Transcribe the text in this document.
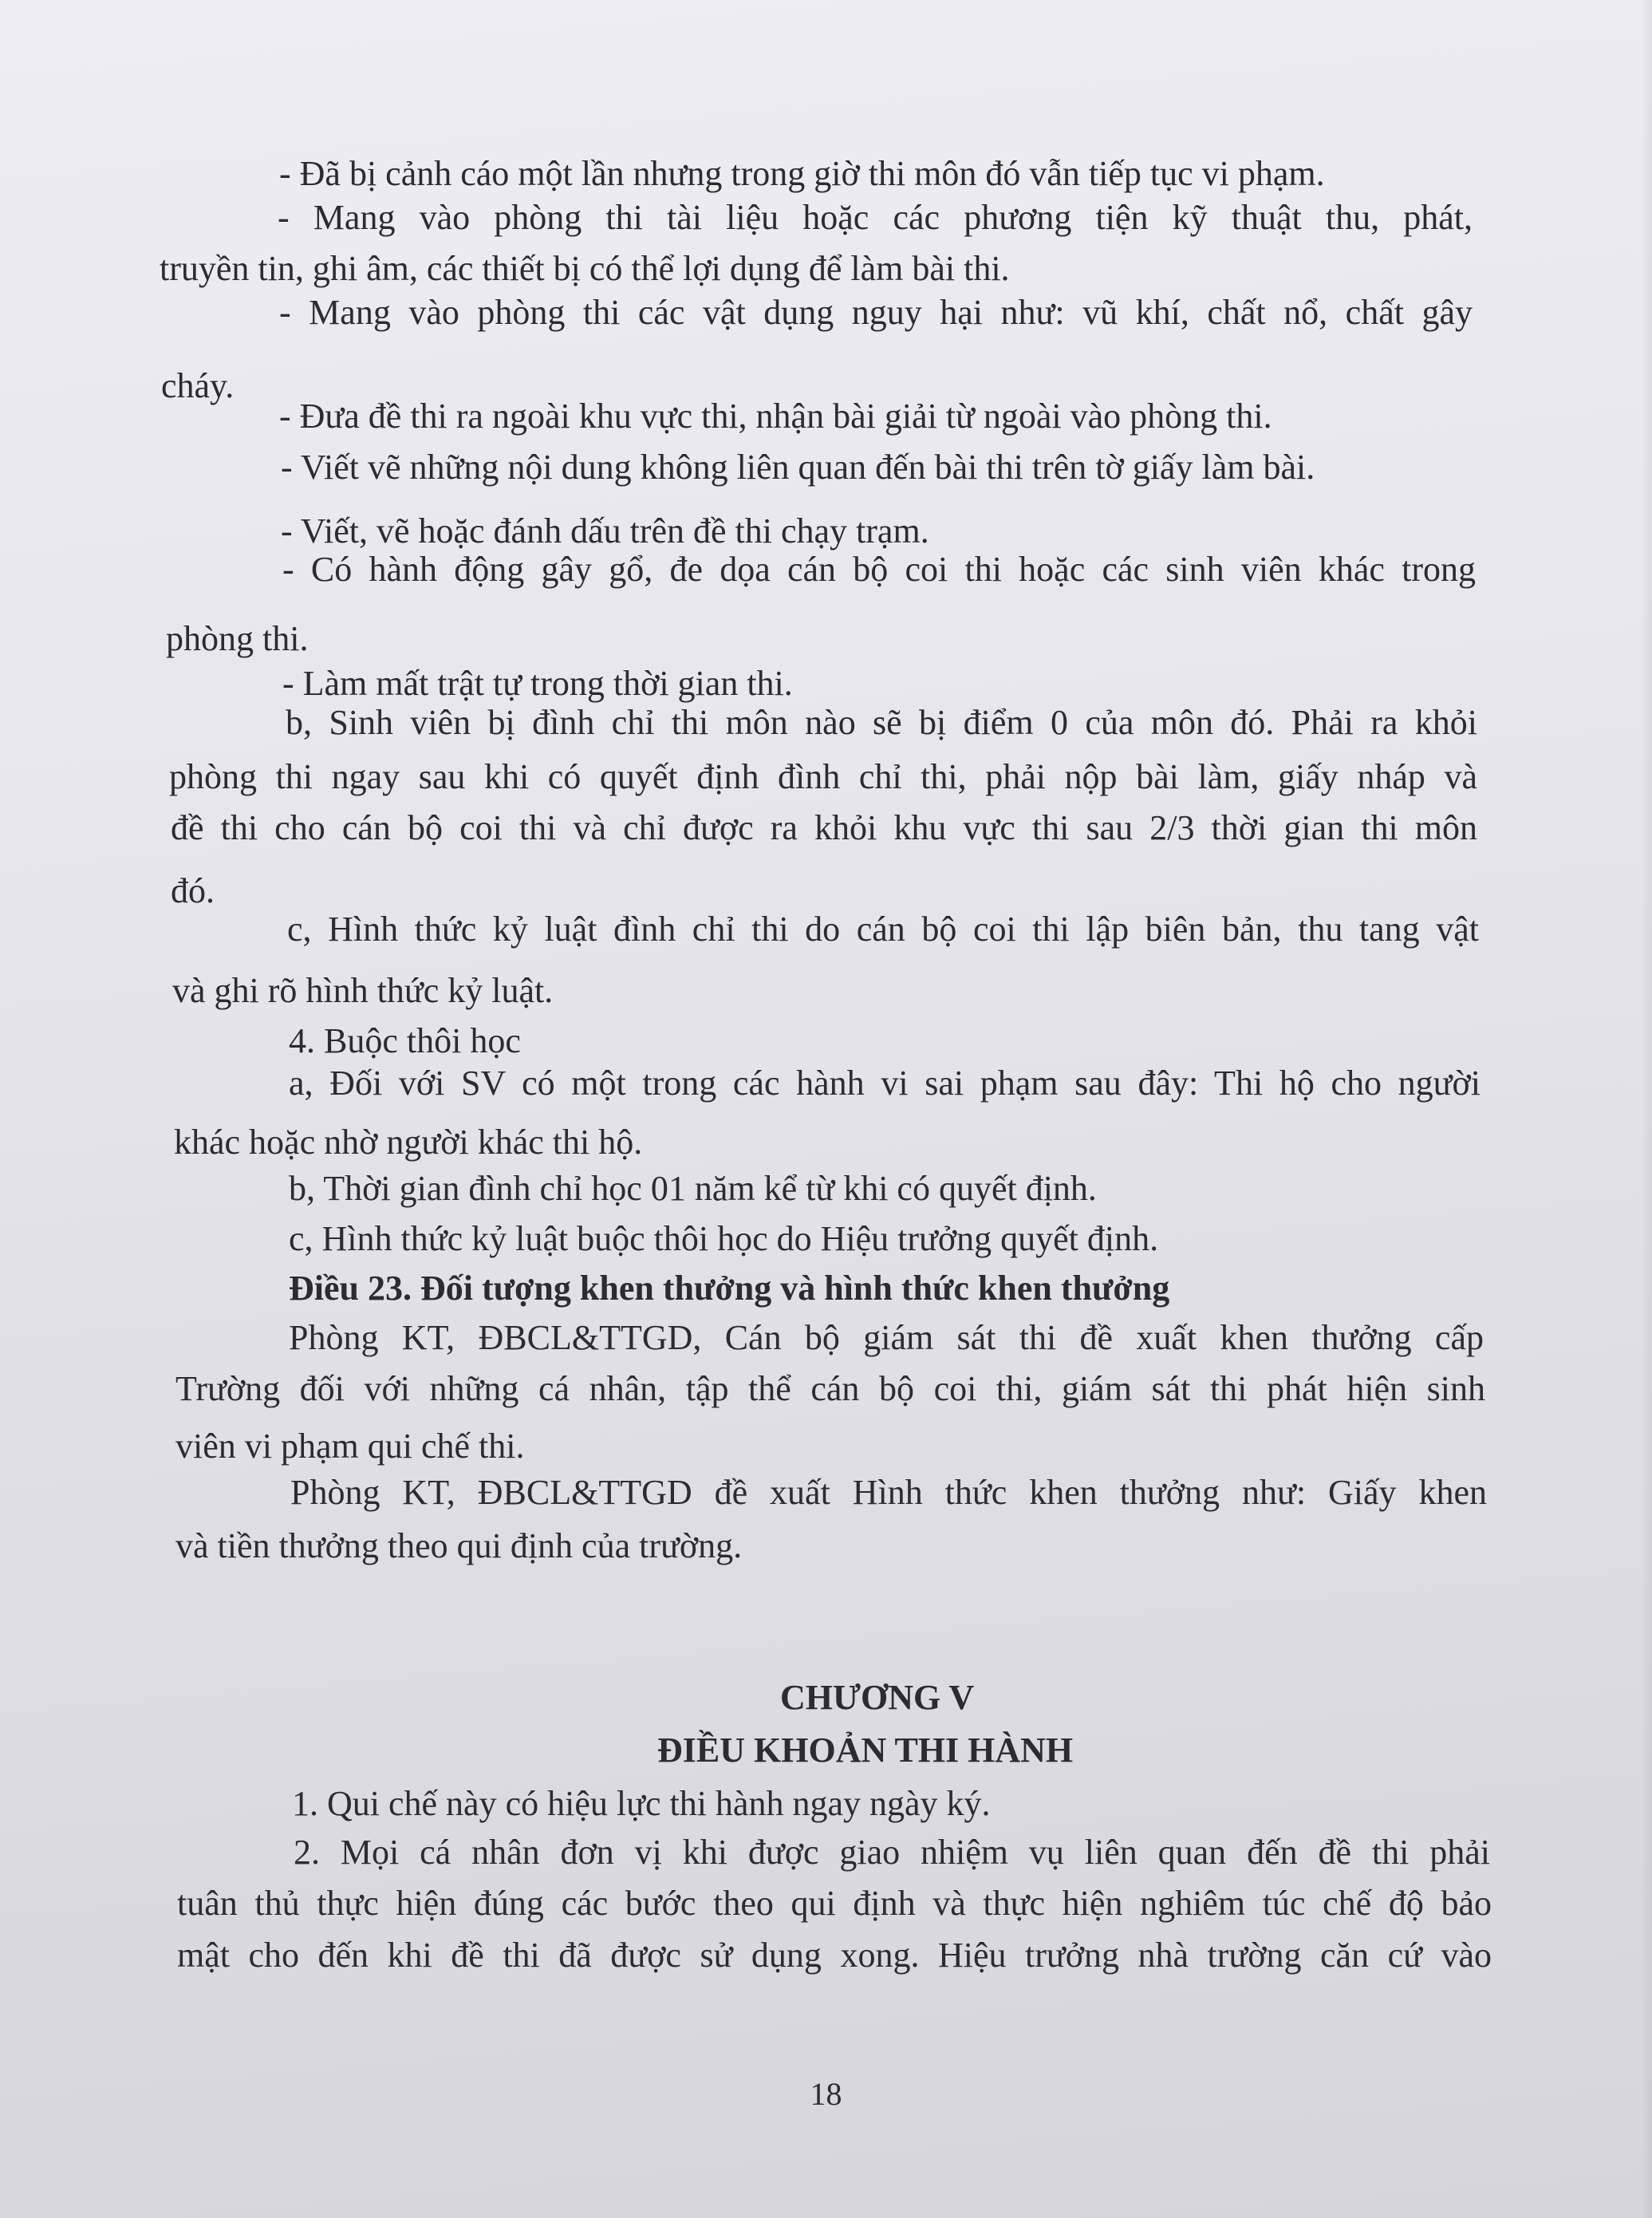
- Đã bị cảnh cáo một lần nhưng trong giờ thi môn đó vẫn tiếp tục vi phạm.
- Mang vào phòng thi tài liệu hoặc các phương tiện kỹ thuật thu, phát,
truyền tin, ghi âm, các thiết bị có thể lợi dụng để làm bài thi.
- Mang vào phòng thi các vật dụng nguy hại như: vũ khí, chất nổ, chất gây
cháy.
- Đưa đề thi ra ngoài khu vực thi, nhận bài giải từ ngoài vào phòng thi.
- Viết vẽ những nội dung không liên quan đến bài thi trên tờ giấy làm bài.
- Viết, vẽ hoặc đánh dấu trên đề thi chạy trạm.
- Có hành động gây gổ, đe dọa cán bộ coi thi hoặc các sinh viên khác trong
phòng thi.
- Làm mất trật tự trong thời gian thi.
b, Sinh viên bị đình chỉ thi môn nào sẽ bị điểm 0 của môn đó. Phải ra khỏi
phòng thi ngay sau khi có quyết định đình chỉ thi, phải nộp bài làm, giấy nháp và
đề thi cho cán bộ coi thi và chỉ được ra khỏi khu vực thi sau 2/3 thời gian thi môn
đó.
c, Hình thức kỷ luật đình chỉ thi do cán bộ coi thi lập biên bản, thu tang vật
và ghi rõ hình thức kỷ luật.
4. Buộc thôi học
a, Đối với SV có một trong các hành vi sai phạm sau đây: Thi hộ cho người
khác hoặc nhờ người khác thi hộ.
b, Thời gian đình chỉ học 01 năm kể từ khi có quyết định.
c, Hình thức kỷ luật buộc thôi học do Hiệu trưởng quyết định.
Điều 23. Đối tượng khen thưởng và hình thức khen thưởng
Phòng KT, ĐBCL&TTGD, Cán bộ giám sát thi đề xuất khen thưởng cấp
Trường đối với những cá nhân, tập thể cán bộ coi thi, giám sát thi phát hiện sinh
viên vi phạm qui chế thi.
Phòng KT, ĐBCL&TTGD đề xuất Hình thức khen thưởng như: Giấy khen
và tiền thưởng theo qui định của trường.
CHƯƠNG V
ĐIỀU KHOẢN THI HÀNH
1. Qui chế này có hiệu lực thi hành ngay ngày ký.
2. Mọi cá nhân đơn vị khi được giao nhiệm vụ liên quan đến đề thi phải
tuân thủ thực hiện đúng các bước theo qui định và thực hiện nghiêm túc chế độ bảo
mật cho đến khi đề thi đã được sử dụng xong. Hiệu trưởng nhà trường căn cứ vào
18
